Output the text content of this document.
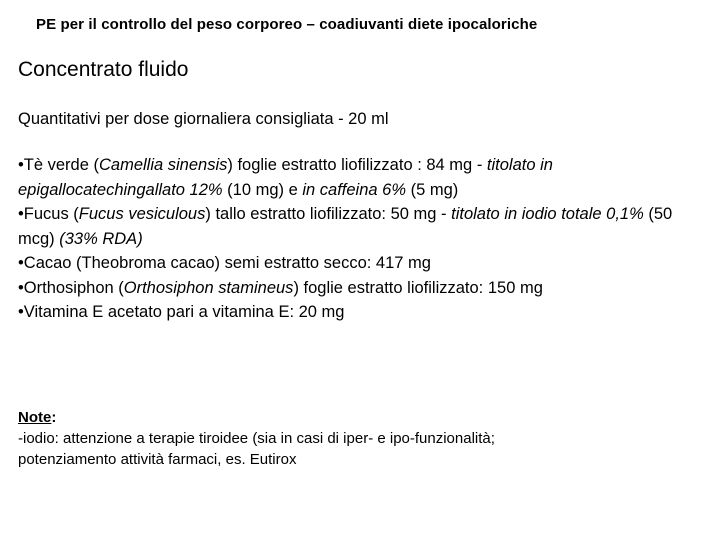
PE per il controllo del peso corporeo – coadiuvanti diete ipocaloriche
Concentrato fluido
Quantitativi per dose giornaliera consigliata - 20 ml
•Tè verde (Camellia sinensis) foglie estratto liofilizzato : 84 mg - titolato in epigallocatechingallato 12% (10 mg) e in caffeina 6% (5 mg)
•Fucus (Fucus vesiculous) tallo estratto liofilizzato: 50 mg - titolato in iodio totale 0,1% (50 mcg) (33% RDA)
•Cacao (Theobroma cacao) semi estratto secco: 417 mg
•Orthosiphon (Orthosiphon stamineus) foglie estratto liofilizzato: 150 mg
•Vitamina E acetato pari a vitamina E: 20 mg
Note:
-iodio: attenzione a terapie tiroidee (sia in casi di iper- e ipo-funzionalità;
potenziamento attività farmaci, es. Eutirox
